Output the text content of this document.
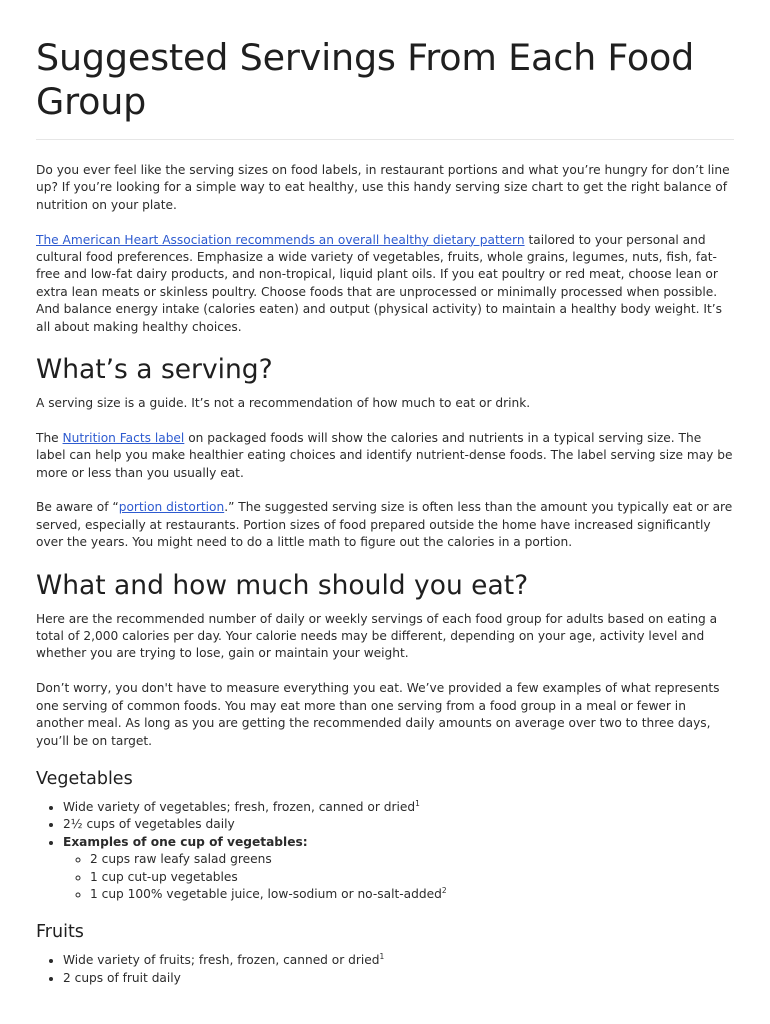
Suggested Servings From Each Food Group

Do you ever feel like the serving sizes on food labels, in restaurant portions and what you’re hungry for don’t line up? If you’re looking for a simple way to eat healthy, use this handy serving size chart to get the right balance of nutrition on your plate.

The American Heart Association recommends an overall healthy dietary pattern tailored to your personal and cultural food preferences. Emphasize a wide variety of vegetables, fruits, whole grains, legumes, nuts, fish, fat-free and low-fat dairy products, and non-tropical, liquid plant oils. If you eat poultry or red meat, choose lean or extra lean meats or skinless poultry. Choose foods that are unprocessed or minimally processed when possible. And balance energy intake (calories eaten) and output (physical activity) to maintain a healthy body weight. It’s all about making healthy choices.

What’s a serving?

A serving size is a guide. It’s not a recommendation of how much to eat or drink.

The Nutrition Facts label on packaged foods will show the calories and nutrients in a typical serving size. The label can help you make healthier eating choices and identify nutrient-dense foods. The label serving size may be more or less than you usually eat.

Be aware of “portion distortion.” The suggested serving size is often less than the amount you typically eat or are served, especially at restaurants. Portion sizes of food prepared outside the home have increased significantly over the years. You might need to do a little math to figure out the calories in a portion.

What and how much should you eat?

Here are the recommended number of daily or weekly servings of each food group for adults based on eating a total of 2,000 calories per day. Your calorie needs may be different, depending on your age, activity level and whether you are trying to lose, gain or maintain your weight.

Don’t worry, you don't have to measure everything you eat. We’ve provided a few examples of what represents one serving of common foods. You may eat more than one serving from a food group in a meal or fewer in another meal. As long as you are getting the recommended daily amounts on average over two to three days, you’ll be on target.

Vegetables
• Wide variety of vegetables; fresh, frozen, canned or dried$^1$
• 2½ cups of vegetables daily
• Examples of one cup of vegetables:
◦ 2 cups raw leafy salad greens
◦ 1 cup cut-up vegetables
◦ 1 cup 100% vegetable juice, low-sodium or no-salt-added$^2$
Fruits
• Wide variety of fruits; fresh, frozen, canned or dried$^1$
• 2 cups of fruit daily
